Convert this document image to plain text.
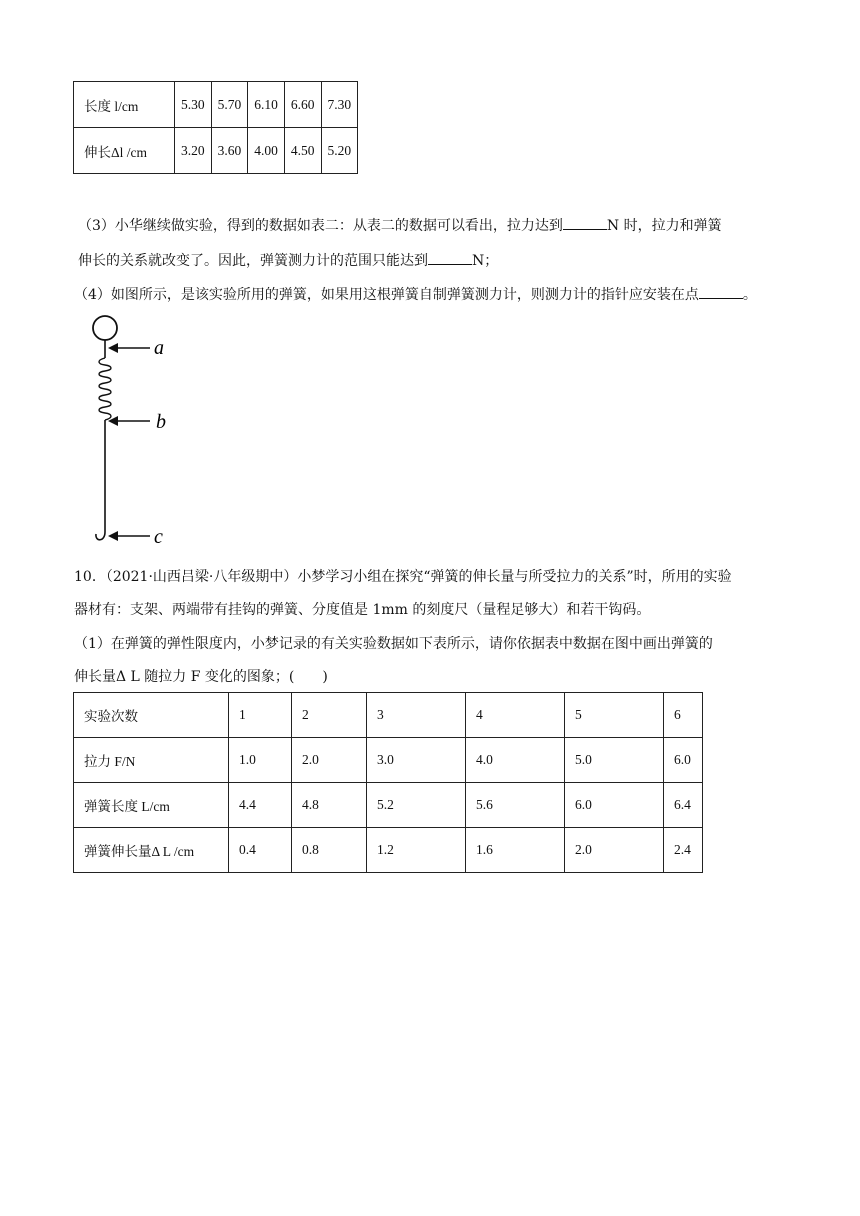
长度 l/cm	5.30	5.70	6.10	6.60	7.30
伸长Δl /cm	3.20	3.60	4.00	4.50	5.20
（3）小华继续做实验，得到的数据如表二：从表二的数据可以看出，拉力达到	N 时，拉力和弹簧
伸长的关系就改变了。因此，弹簧测力计的范围只能达到	N；
（4）如图所示，是该实验所用的弹簧，如果用这根弹簧自制弹簧测力计，则测力计的指针应安装在点	。
a
b
c
10．（2021·山西吕梁·八年级期中）小梦学习小组在探究“弹簧的伸长量与所受拉力的关系”时，所用的实验
器材有：支架、两端带有挂钩的弹簧、分度值是 1mm 的刻度尺（量程足够大）和若干钩码。
（1）在弹簧的弹性限度内，小梦记录的有关实验数据如下表所示，请你依据表中数据在图中画出弹簧的
伸长量Δ L 随拉力 F 变化的图象；(　　)
实验次数	1	2	3	4	5	6
拉力 F/N	1.0	2.0	3.0	4.0	5.0	6.0
弹簧长度 L/cm	4.4	4.8	5.2	5.6	6.0	6.4
弹簧伸长量Δ L /cm	0.4	0.8	1.2	1.6	2.0	2.4
